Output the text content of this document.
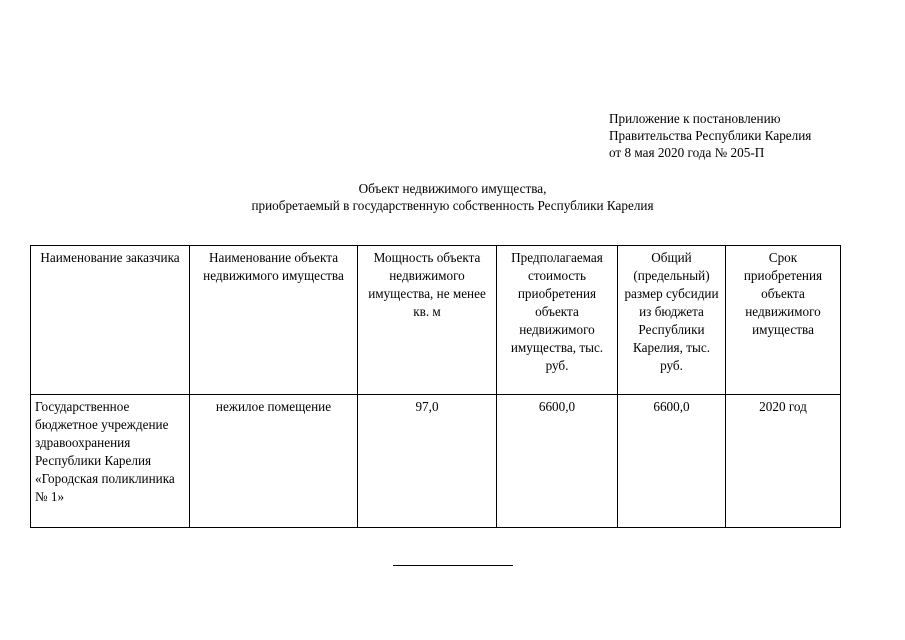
Приложение к постановлению
Правительства Республики Карелия
от 8 мая 2020 года № 205-П
Объект недвижимого имущества,
приобретаемый в государственную собственность Республики Карелия
Наименование заказчика	Наименование объекта недвижимого имущества	Мощность объекта недвижимого имущества, не менее кв. м	Предполагаемая стоимость приобретения объекта недвижимого имущества, тыс. руб.	Общий (предельный) размер субсидии из бюджета Республики Карелия, тыс. руб.	Срок приобретения объекта недвижимого имущества
Государственное бюджетное учреждение здравоохранения Республики Карелия «Городская поликлиника № 1»	нежилое помещение	97,0	6600,0	6600,0	2020 год
